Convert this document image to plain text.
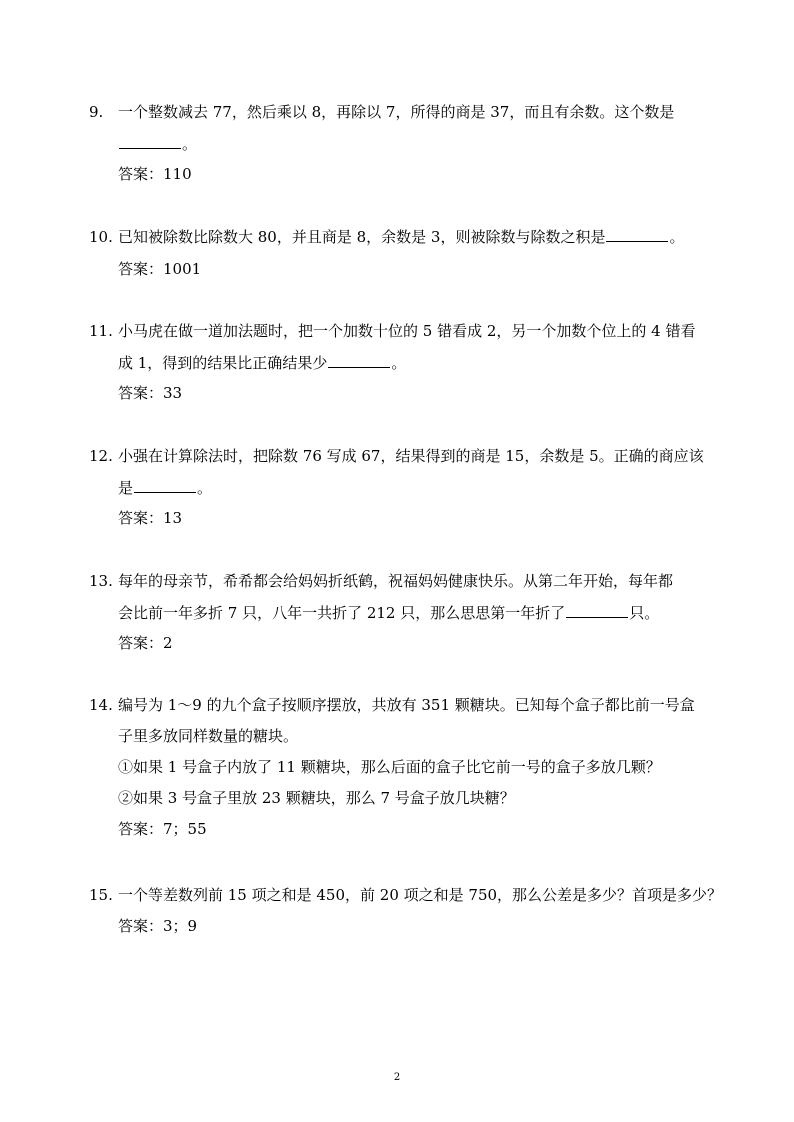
9. 一个整数减去 77，然后乘以 8，再除以 7，所得的商是 37，而且有余数。这个数是
。
答案：110
10. 已知被除数比除数大 80，并且商是 8，余数是 3，则被除数与除数之积是	。
答案：1001
11. 小马虎在做一道加法题时，把一个加数十位的 5 错看成 2，另一个加数个位上的 4 错看
成 1，得到的结果比正确结果少	。
答案：33
12. 小强在计算除法时，把除数 76 写成 67，结果得到的商是 15，余数是 5。正确的商应该
是	。
答案：13
13. 每年的母亲节，希希都会给妈妈折纸鹤，祝福妈妈健康快乐。从第二年开始，每年都
会比前一年多折 7 只，八年一共折了 212 只，那么思思第一年折了	只。
答案：2
14. 编号为 1～9 的九个盒子按顺序摆放，共放有 351 颗糖块。已知每个盒子都比前一号盒
子里多放同样数量的糖块。
①如果 1 号盒子内放了 11 颗糖块，那么后面的盒子比它前一号的盒子多放几颗？
②如果 3 号盒子里放 23 颗糖块，那么 7 号盒子放几块糖？
答案：7；55
15. 一个等差数列前 15 项之和是 450，前 20 项之和是 750，那么公差是多少？首项是多少？
答案：3；9
2
